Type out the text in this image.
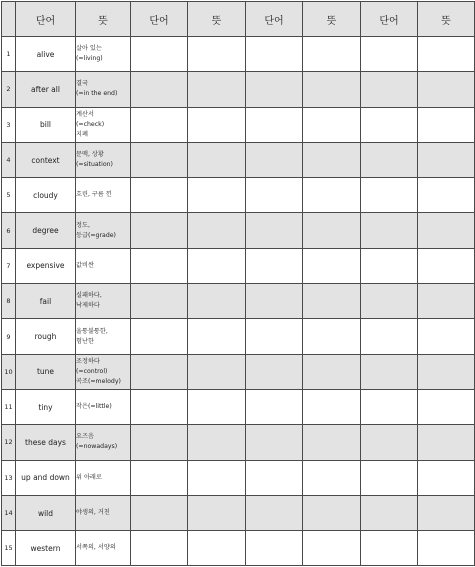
	단어	뜻	단어	뜻	단어	뜻	단어	뜻
1	alive	살아 있는
(=living)						

2	after all	결국
(=in the end)						

3	bill	계산서
(=check)
지폐						

4	context	문맥, 상황
(=situation)						

5	cloudy	흐린, 구름 낀						

6	degree	정도,
등급(=grade)						

7	expensive	값비싼						

8	fail	실패하다,
낙제하다						

9	rough	울퉁불퉁한,
험난한						

10	tune	조정하다
(=control)
곡조(=melody)						

11	tiny	작은(=little)						

12	these days	요즈음
(=nowadays)						

13	up and down	위 아래로						

14	wild	야생의, 거친						

15	western	서쪽의, 서양의						
